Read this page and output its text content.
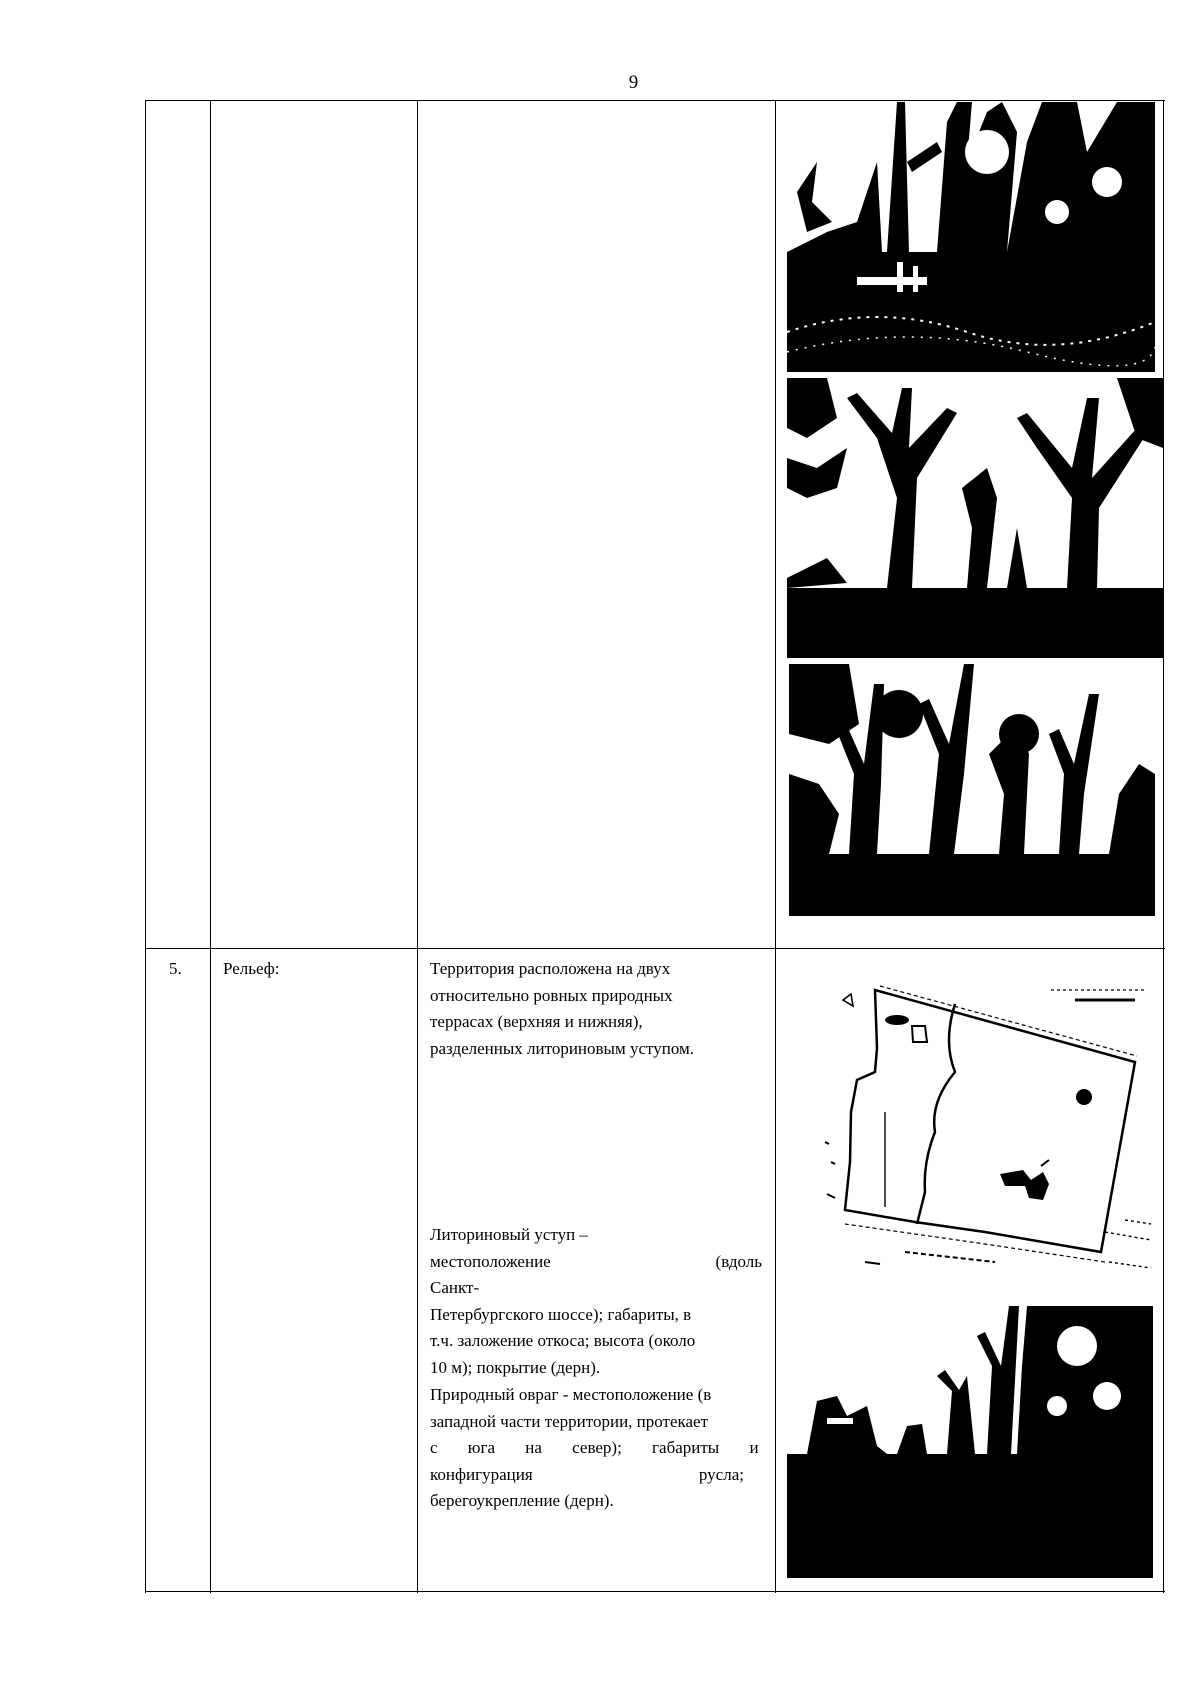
9
5. Рельеф:	Территория расположена на двух

относительно ровных природных

террасах (верхняя и нижняя),

разделенных литориновым уступом.

Литориновый уступ –

местоположение (вдоль Санкт-

Петербургского шоссе); габариты, в

т.ч. заложение откоса; высота (около

10 м); покрытие (дерн).

Природный овраг - местоположение (в

западной части территории, протекает

с юга на север); габариты и

конфигурация русла;

берегоукрепление (дерн).
